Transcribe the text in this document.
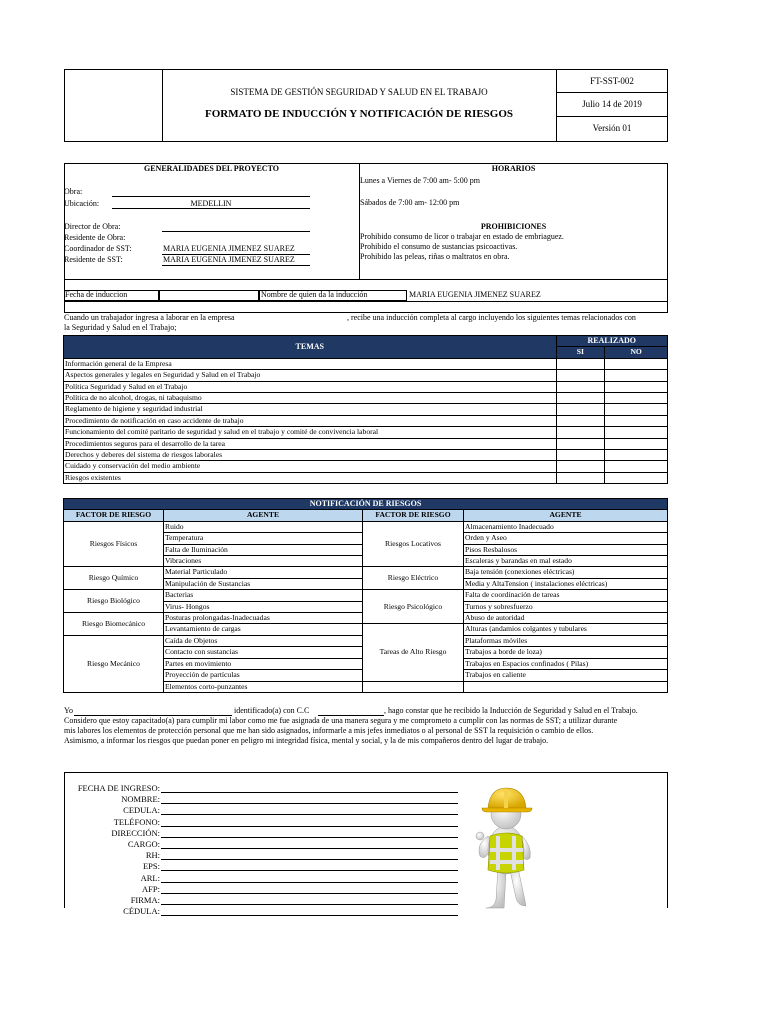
SISTEMA DE GESTIÓN SEGURIDAD Y SALUD EN EL TRABAJO
FORMATO DE INDUCCIÓN Y NOTIFICACIÓN DE RIESGOS
FT-SST-002
Julio 14 de 2019
Versión 01
GENERALIDADES DEL PROYECTO
Obra:
Ubicación:	MEDELLIN
Director de Obra:
Residente de Obra:
Coordinador de SST:	MARIA EUGENIA JIMENEZ SUAREZ
Residente de SST:	MARIA EUGENIA JIMENEZ SUAREZ
HORARIOS
Lunes a Viernes de 7:00 am- 5:00 pm
Sábados de 7:00 am- 12:00 pm
PROHIBICIONES
Prohibido consumo de licor o trabajar en estado de embriaguez.
Prohibido el consumo de sustancias psicoactivas.
Prohibido las peleas, riñas o maltratos en obra.
Fecha de induccion	Nombre de quien da la inducción	MARIA EUGENIA JIMENEZ SUAREZ
Cuando un trabajador ingresa a laborar en la empresa	, recibe una inducción completa al cargo incluyendo los siguientes temas relacionados con
la Seguridad y Salud en el Trabajo;
TEMAS	REALIZADO	
	SI	NO
Información general de la Empresa		
Aspectos generales y legales en Seguridad y Salud en el Trabajo		
Política Seguridad y Salud en el Trabajo		
Política de no alcohol, drogas, ni tabaquismo		
Reglamento de higiene y seguridad industrial		
Procedimiento de notificación en caso accidente de trabajo		
Funcionamiento del comité paritario de seguridad y salud en el trabajo y comité de convivencia laboral		
Procedimientos seguros para el desarrollo de la tarea		
Derechos y deberes del sistema de riesgos laborales		
Cuidado y conservación del medio ambiente		
Riesgos existentes		
NOTIFICACIÓN DE RIESGOS			
FACTOR DE RIESGO	AGENTE	FACTOR DE RIESGO	AGENTE
Riesgos Físicos	Ruido	Riesgos Locativos	Almacenamiento Inadecuado
	Temperatura		Orden y Aseo
	Falta de Iluminación		Pisos Resbalosos
	Vibraciones		Escaleras y barandas en mal estado
Riesgo Químico	Material Particulado	Riesgo Eléctrico	Baja tensión (conexiones eléctricas)
	Manipulación de Sustancias		Media y AltaTension ( instalaciones eléctricas)
Riesgo Biológico	Bacterias	Riesgo Psicológico	Falta de coordinación de tareas
	Virus- Hongos		Turnos y sobresfuerzo
Riesgo Biomecánico	Posturas prolongadas-Inadecuadas		Abuso de autoridad
	Levantamiento de cargas	Tareas de Alto Riesgo	Alturas (andamios colgantes y tubulares
Riesgo Mecánico	Caída de Objetos		Plataformas móviles
	Contacto con sustancias		Trabajos a borde de loza)
	Partes en movimiento		Trabajos en Espacios confinados ( Pilas)
	Proyección de partículas		Trabajos en caliente
	Elementos corto-punzantes		
Yo	identificado(a) con C.C	, hago constar que he recibido la Inducción de Seguridad y Salud en el Trabajo.
Considero que estoy capacitado(a) para cumplir mi labor como me fue asignada de una manera segura y me comprometo a cumplir con las normas de SST; a utilizar durante
mis labores los elementos de protección personal que me han sido asignados, informarle a mis jefes inmediatos o al personal de SST la requisición o cambio de ellos.
Asimismo, a informar los riesgos que puedan poner en peligro mi integridad física, mental y social, y la de mis compañeros dentro del lugar de trabajo.
FECHA DE INGRESO:
NOMBRE:
CEDULA:
TELÉFONO:
DIRECCIÓN:
CARGO:
RH:
EPS:
ARL:
AFP:
FIRMA:
CÉDULA:
